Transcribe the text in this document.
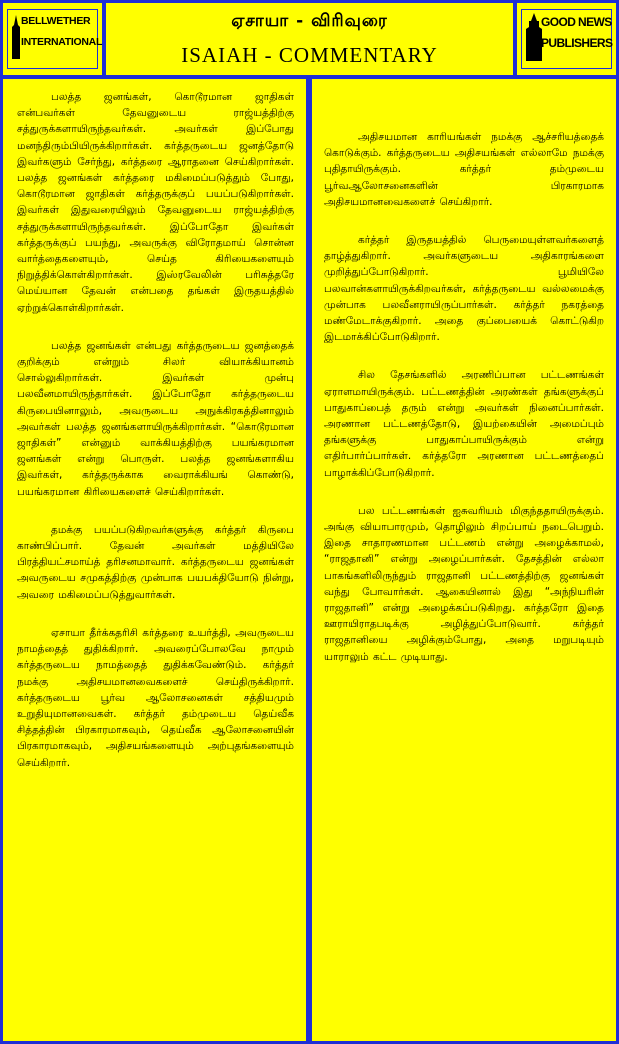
BELLWETHER
INTERNATIONAL
ஏசாயா - விரிவுரை
ISAIAH - COMMENTARY
GOOD NEWS
PUBLISHERS

பலத்த ஜனங்கள், கொடூரமான ஜாதிகள் என்பவர்கள் தேவனுடைய ராஜ்யத்திற்கு சத்துருக்களாயிருந்தவர்கள். அவர்கள் இப்போது மனந்திரும்பியிருக்கிறார்கள். கர்த்தருடைய ஜனத்தோடு இவர்களும் சேர்ந்து, கர்த்தரை ஆராதனை செய்கிறார்கள். பலத்த ஜனங்கள் கர்த்தரை மகிமைப்படுத்தும் போது, கொடூரமான ஜாதிகள் கர்த்தருக்குப் பயப்படுகிறார்கள். இவர்கள் இதுவரையிலும் தேவனுடைய ராஜ்யத்திற்கு சத்துருக்களாயிருந்தவர்கள். இப்போதோ இவர்கள் கர்த்தருக்குப் பயந்து, அவருக்கு விரோதமாய் சொன்ன வார்த்தைகளையும், செய்த கிரியைகளையும் நிறுத்திக்கொள்கிறார்கள். இஸ்ரவேலின் பரிசுத்தரே மெய்யான தேவன் என்பதை தங்கள் இருதயத்தில் ஏற்றுக்கொள்கிறார்கள்.

பலத்த ஜனங்கள் என்பது கர்த்தருடைய ஜனத்தைக் குறிக்கும் என்றும் சிலர் வியாக்கியானம் சொல்லுகிறார்கள். இவர்கள் முன்பு பலவீனமாயிருந்தார்கள். இப்போதோ கர்த்தருடைய கிருபையினாலும், அவருடைய அநுக்கிரகத்தினாலும் அவர்கள் பலத்த ஜனங்களாயிருக்கிறார்கள். “கொடூரமான ஜாதிகள்” என்னும் வாக்கியத்திற்கு பயங்கரமான ஜனங்கள் என்று பொருள். பலத்த ஜனங்களாகிய இவர்கள், கர்த்தருக்காக வைராக்கியங் கொண்டு, பயங்கரமான கிரியைகளைச் செய்கிறார்கள்.

தமக்கு பயப்படுகிறவர்களுக்கு கர்த்தர் கிருபை காண்பிப்பார். தேவன் அவர்கள் மத்தியிலே பிரத்தியட்சமாய்த் தரிசனமாவார். கர்த்தருடைய ஜனங்கள் அவருடைய சமுகத்திற்கு முன்பாக பயபக்தியோடு நின்று, அவரை மகிமைப்படுத்துவார்கள்.

ஏசாயா தீர்க்கதரிசி கர்த்தரை உயர்த்தி, அவருடைய நாமத்தைத் துதிக்கிறார். அவரைப்போலவே நாமும் கர்த்தருடைய நாமத்தைத் துதிக்கவேண்டும். கர்த்தர் நமக்கு அதிசயமானவைகளைச் செய்திருக்கிறார். கர்த்தருடைய பூர்வ ஆலோசனைகள் சத்தியமும் உறுதியுமானவைகள். கர்த்தர் தம்முடைய தெய்வீக சித்தத்தின் பிரகாரமாகவும், தெய்வீக ஆலோசனையின் பிரகாரமாகவும், அதிசயங்களையும் அற்புதங்களையும் செய்கிறார்.

அதிசயமான காரியங்கள் நமக்கு ஆச்சரியத்தைக் கொடுக்கும். கர்த்தருடைய அதிசயங்கள் எல்லாமே நமக்கு புதிதாயிருக்கும். கர்த்தர் தம்முடைய பூர்வஆலோசனைகளின் பிரகாரமாக அதிசயமானவைகளைச் செய்கிறார்.

கர்த்தர் இருதயத்தில் பெருமையுள்ளவர்களைத் தாழ்த்துகிறார். அவர்களுடைய அதிகாரங்களை முறித்துப்போடுகிறார். பூமியிலே பலவான்களாயிருக்கிறவர்கள், கர்த்தருடைய வல்லமைக்கு முன்பாக பலவீனராயிருப்பார்கள். கர்த்தர் நகரத்தை மண்மேடாக்குகிறார். அதை குப்பையைக் கொட்டுகிற இடமாக்கிப்போடுகிறார்.

சில தேசங்களில் அரணிப்பான பட்டணங்கள் ஏராளமாயிருக்கும். பட்டணத்தின் அரண்கள் தங்களுக்குப் பாதுகாப்பைத் தரும் என்று அவர்கள் நினைப்பார்கள். அரணான பட்டணத்தோடு, இயற்கையின் அமைப்பும் தங்களுக்கு பாதுகாப்பாயிருக்கும் என்று எதிர்பார்ப்பார்கள். கர்த்தரோ அரணான பட்டணத்தைப் பாழாக்கிப்போடுகிறார்.

பல பட்டணங்கள் ஐசுவரியம் மிகுந்ததாயிருக்கும். அங்கு வியாபாரமும், தொழிலும் சிறப்பாய் நடைபெறும். இதை சாதாரணமான பட்டணம் என்று அழைக்காமல், “ராஜதானி” என்று அழைப்பார்கள். தேசத்தின் எல்லா பாகங்களிலிருந்தும் ராஜதானி பட்டணத்திற்கு ஜனங்கள் வந்து போவார்கள். ஆகையினால் இது “அந்நியரின் ராஜதானி” என்று அழைக்கப்படுகிறது. கர்த்தரோ இதை ஊராயிராதபடிக்கு அழித்துப்போடுவார். கர்த்தர் ராஜதானியை அழிக்கும்போது, அதை மறுபடியும் யாராலும் கட்ட முடியாது.
